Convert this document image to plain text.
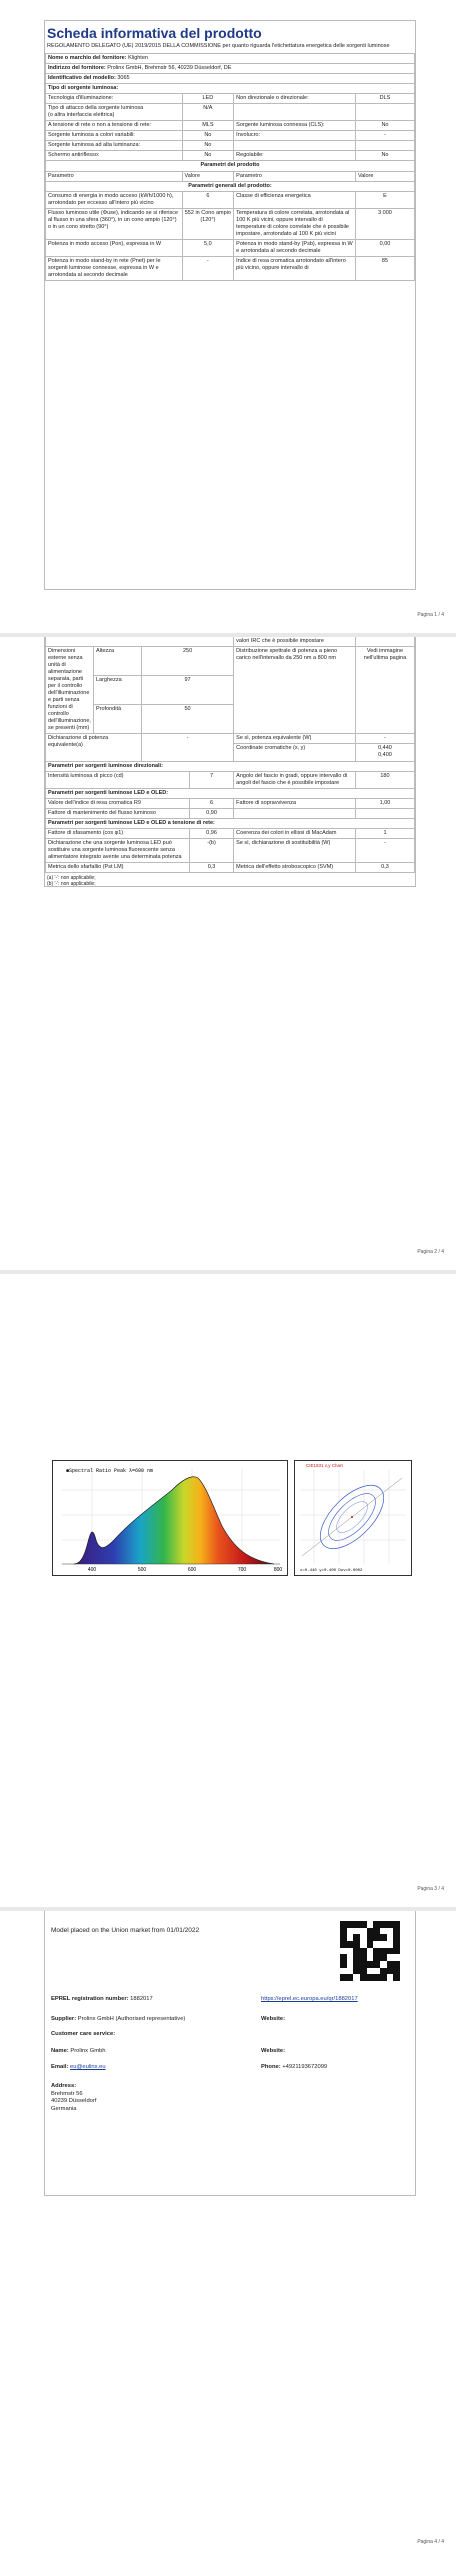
Scheda informativa del prodotto
REGOLAMENTO DELEGATO (UE) 2019/2015 DELLA COMMISSIONE per quanto riguarda l'etichettatura energetica delle sorgenti luminose
Nome o marchio del fornitore: Klighten			
Indirizzo del fornitore: Prolinx GmbH, Brehmstr 56, 40239 Düsseldorf, DE			
Identificativo del modello: 3065			
Tipo di sorgente luminosa:			
Tecnologia d'illuminazione:	LED	Non direzionale o direzionale:	DLS
Tipo di attacco della sorgente luminosa
(o altra interfaccia elettrica)	N/A		
A tensione di rete o non a tensione di rete:	MLS	Sorgente luminosa connessa (CLS):	No
Sorgente luminosa a colori variabili:	No	Involucro:	-
Sorgente luminosa ad alta luminanza:	No		
Schermo antiriflesso:	No	Regolabile:	No
Parametri del prodotto			
Parametro	Valore	Parametro	Valore
Parametri generali del prodotto:			
Consumo di energia in modo acceso (kWh/1000 h), arrotondato per eccesso all'intero più vicino	6	Classe di efficienza energetica	E
Flusso luminoso utile (Φuse), indicando se si riferisce al flusso in una sfera (360°), in un cono ampio (120°) o in un cono stretto (90°)	552 in Cono ampio (120°)	Temperatura di colore correlata, arrotondata al 100 K più vicini, oppure intervallo di temperature di colore correlate che è possibile impostare, arrotondato al 100 K più vicini	3 000
Potenza in modo acceso (Pon), espressa in W	5,0	Potenza in modo stand-by (Psb), espressa in W e arrotondata al secondo decimale	0,00
Potenza in modo stand-by in rete (Pnet) per le sorgenti luminose connesse, espressa in W e arrotondata al secondo decimale	-	Indice di resa cromatica arrotondato all'intero più vicino, oppure intervallo di	85
Pagina 1 / 4
				valori IRC che è possibile impostare	
Dimensioni esterne senza unità di alimentazione separata, parti per il controllo dell'illuminazione e parti senza funzioni di controllo dell'illuminazione, se presenti (mm)	Altezza	250		Distribuzione spettrale di potenza a pieno carico nell'intervallo da 250 nm a 800 nm	Vedi immagine nell'ultima pagina
	Larghezza	97			
	Profondità	50			
Dichiarazione di potenza equivalente(a)		-		Se sì, potenza equivalente (W)	-
				Coordinate cromatiche (x, y)	0,440
0,400
Parametri per sorgenti luminose direzionali:					
Intensità luminosa di picco (cd)			7	Angolo del fascio in gradi, oppure intervallo di angoli del fascio che è possibile impostare	180
Parametri per sorgenti luminose LED e OLED:					
Valore dell'indice di resa cromatica R9			6	Fattore di sopravvivenza	1,00
Fattore di mantenimento del flusso luminoso			0,90		
Parametri per sorgenti luminose LED e OLED a tensione di rete:					
Fattore di sfasamento (cos φ1)			0,96	Coerenza dei colori in ellissi di MacAdam	1
Dichiarazione che una sorgente luminosa LED può sostituire una sorgente luminosa fluorescente senza alimentatore integrato avente una determinata potenza			-(b)	Se sì, dichiarazione di sostituibilità (W)	-
Metrica dello sfarfallio (Pst LM)			0,3	Metrica dell'effetto stroboscopico (SVM)	0,3
(a) '-': non applicabile;
(b) '-': non applicabile;
Pagina 2 / 4
■Spectral Ratio Peak λ=600 nm
400	500	600	700	800
CIE1931 x,y Chart
x=0.440 y=0.400 Duv=0.0002
Pagina 3 / 4
Model placed on the Union market from 01/01/2022
EPREL registration number: 1882017	https://eprel.ec.europa.eu/qr/1882017
Supplier: Prolinx GmbH (Authorised representative)	Website:
Customer care service:
Name: Prolinx Gmbh	Website:
Email: eu@eulinx.eu	Phone: +4921193672099
Address:
Brehmstr 56
40239 Düsseldorf
Germania
Pagina 4 / 4
